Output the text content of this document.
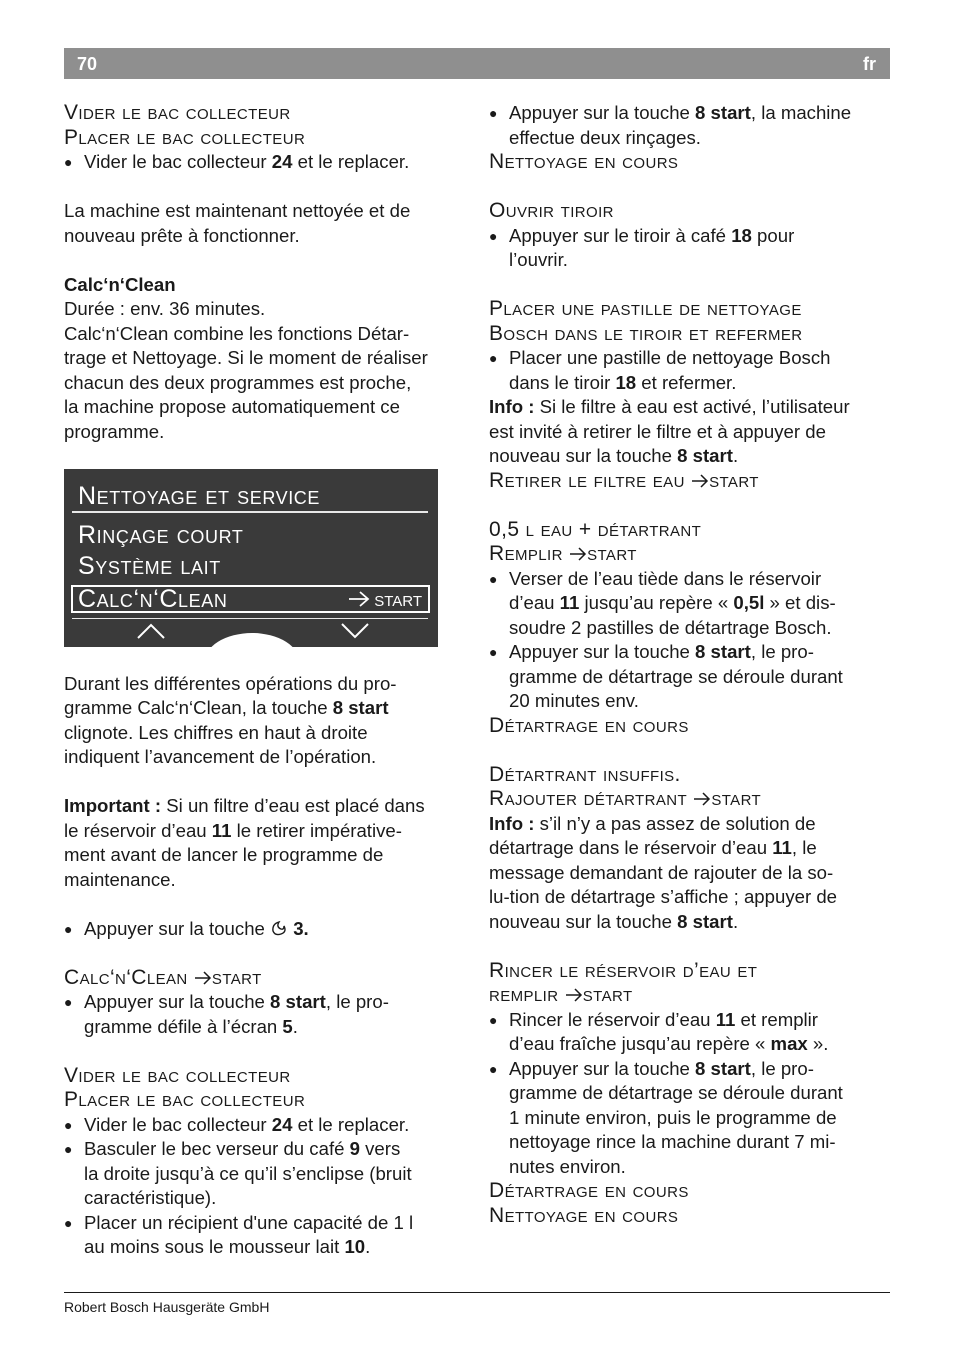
70	fr
Vider le bac collecteur
Placer le bac collecteur

● Vider le bac collecteur 24 et le replacer.

La machine est maintenant nettoyée et de nouveau prête à fonctionner.

Calc‘n‘Clean

Durée : env. 36 minutes.

Calc‘n‘Clean combine les fonctions Détar-
trage et Nettoyage. Si le moment de réaliser
chacun des deux programmes est proche,
la machine propose automatiquement ce
programme.

Nettoyage et service
Rinçage court
Système lait
Calc‘n‘Clean	start

Durant les différentes opérations du pro-
gramme Calc‘n‘Clean, la touche 8 start
clignote. Les chiffres en haut à droite
indiquent l’avancement de l’opération.

Important : Si un filtre d’eau est placé dans
le réservoir d’eau 11 le retirer impérative-
ment avant de lancer le programme de
maintenance.

● Appuyer sur la touche  3.

Calc‘n‘Clean start

● Appuyer sur la touche 8 start, le pro-
gramme défile à l’écran 5.

Vider le bac collecteur
Placer le bac collecteur

● Vider le bac collecteur 24 et le replacer.

● Basculer le bec verseur du café 9 vers
la droite jusqu’à ce qu’il s’enclipse (bruit
caractéristique).

● Placer un récipient d'une capacité de 1 l
au moins sous le mousseur lait 10.

● Appuyer sur la touche 8 start, la machine
effectue deux rinçages.

Nettoyage en cours
Ouvrir tiroir

● Appuyer sur le tiroir à café 18 pour
l’ouvrir.

Placer une pastille de nettoyage
Bosch dans le tiroir et refermer

● Placer une pastille de nettoyage Bosch
dans le tiroir 18 et refermer.

Info : Si le filtre à eau est activé, l’utilisateur
est invité à retirer le filtre et à appuyer de
nouveau sur la touche 8 start.

Retirer le filtre eau start
0,5 l eau + détartrant
Remplir start

● Verser de l’eau tiède dans le réservoir
d’eau 11 jusqu’au repère « 0,5l » et dis-
soudre 2 pastilles de détartrage Bosch.

● Appuyer sur la touche 8 start, le pro-
gramme de détartrage se déroule durant
20 minutes env.

Détartrage en cours
Détartrant insuffis.
Rajouter détartrant start

Info : s’il n’y a pas assez de solution de
détartrage dans le réservoir d’eau 11, le
message demandant de rajouter de la so-
lu-tion de détartrage s’affiche ; appuyer de
nouveau sur la touche 8 start.

Rincer le réservoir d’eau et
remplir start

● Rincer le réservoir d’eau 11 et remplir
d’eau fraîche jusqu’au repère « max ».

● Appuyer sur la touche 8 start, le pro-
gramme de détartrage se déroule durant
1 minute environ, puis le programme de
nettoyage rince la machine durant 7 mi-
nutes environ.

Détartrage en cours
Nettoyage en cours
Robert Bosch Hausgeräte GmbH
